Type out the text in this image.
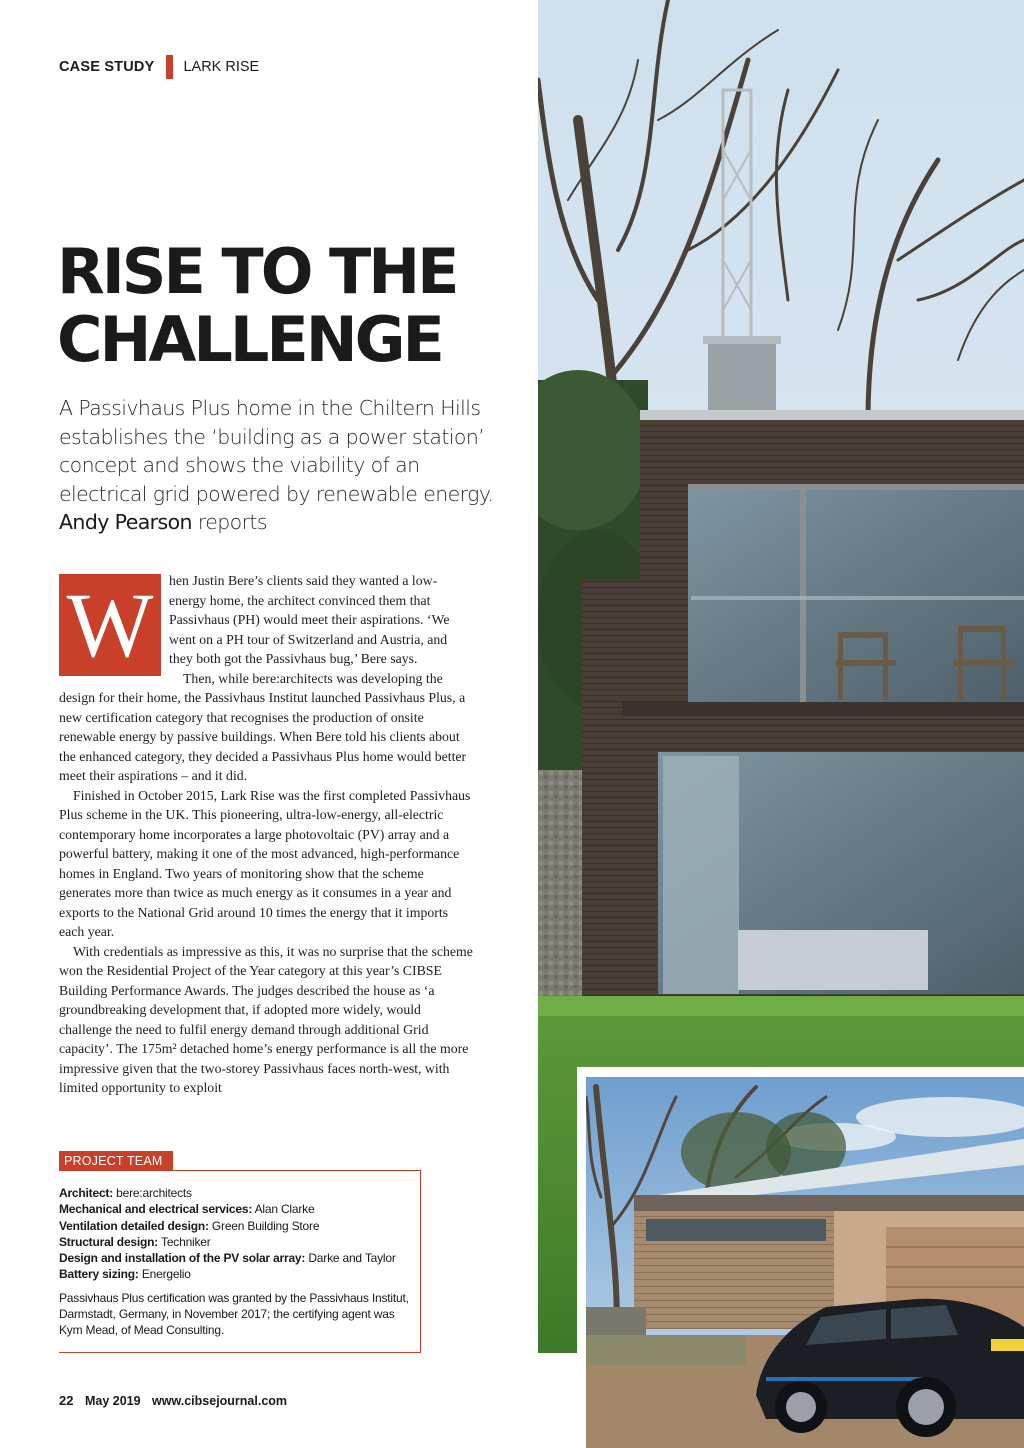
CASE STUDY LARK RISE
RISE TO THE
CHALLENGE

A Passivhaus Plus home in the Chiltern Hills establishes the ‘building as a power station’ concept and shows the viability of an electrical grid powered by renewable energy. Andy Pearson reports

W	hen Justin Bere’s clients said they wanted a low-energy home, the architect convinced them that Passivhaus (PH) would meet their aspirations. ‘We went on a PH tour of Switzerland and Austria, and they both got the Passivhaus bug,’ Bere says.

Then, while bere:architects was developing the design for their home, the Passivhaus Institut launched Passivhaus Plus, a new certification category that recognises the production of onsite renewable energy by passive buildings. When Bere told his clients about the enhanced category, they decided a Passivhaus Plus home would better meet their aspirations – and it did.

Finished in October 2015, Lark Rise was the first completed Passivhaus Plus scheme in the UK. This pioneering, ultra-low-energy, all-electric contemporary home incorporates a large photovoltaic (PV) array and a powerful battery, making it one of the most advanced, high-performance homes in England. Two years of monitoring show that the scheme generates more than twice as much energy as it consumes in a year and exports to the National Grid around 10 times the energy that it imports each year.

With credentials as impressive as this, it was no surprise that the scheme won the Residential Project of the Year category at this year’s CIBSE Building Performance Awards. The judges described the house as ‘a groundbreaking development that, if adopted more widely, would challenge the need to fulfil energy demand through additional Grid capacity’. The 175m² detached home’s energy performance is all the more impressive given that the two-storey Passivhaus faces north-west, with limited opportunity to exploit

PROJECT TEAM
Architect: bere:architects
Mechanical and electrical services: Alan Clarke
Ventilation detailed design: Green Building Store
Structural design: Techniker
Design and installation of the PV solar array: Darke and Taylor
Battery sizing: Energelio
Passivhaus Plus certification was granted by the Passivhaus Institut, Darmstadt, Germany, in November 2017; the certifying agent was Kym Mead, of Mead Consulting.
22 May 2019 www.cibsejournal.com
